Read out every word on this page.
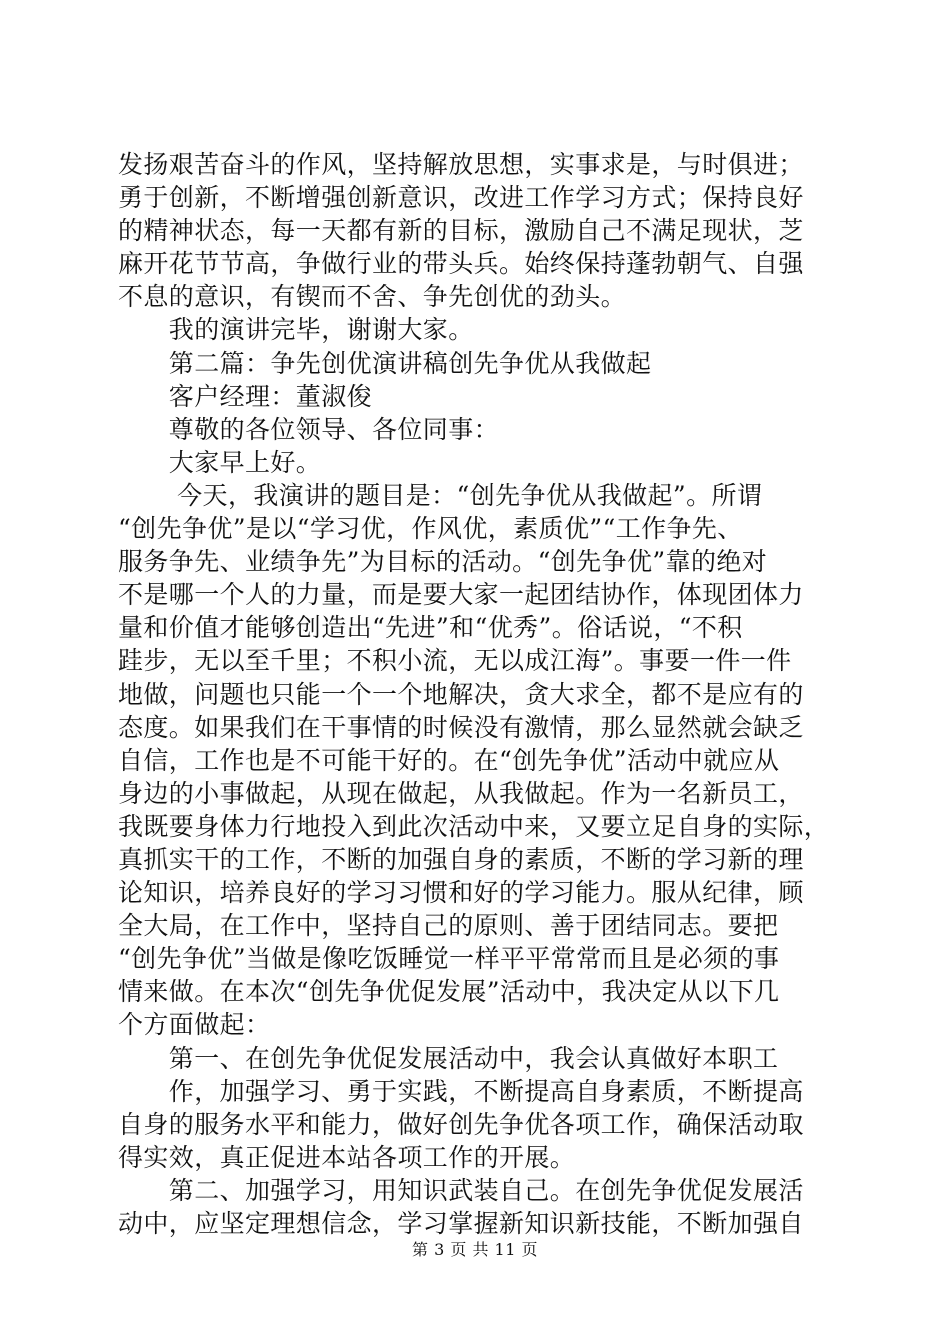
发扬艰苦奋斗的作风，坚持解放思想，实事求是，与时俱进；
勇于创新，不断增强创新意识，改进工作学习方式；保持良好
的精神状态，每一天都有新的目标，激励自己不满足现状，芝
麻开花节节高，争做行业的带头兵。始终保持蓬勃朝气、自强
不息的意识，有锲而不舍、争先创优的劲头。
　　我的演讲完毕，谢谢大家。
　　第二篇：争先创优演讲稿创先争优从我做起
　　客户经理：董淑俊
　　尊敬的各位领导、各位同事：
　　大家早上好。
　　 今天，我演讲的题目是：“创先争优从我做起”。所谓
“创先争优”是以“学习优，作风优，素质优”“工作争先、
服务争先、业绩争先”为目标的活动。“创先争优”靠的绝对
不是哪一个人的力量，而是要大家一起团结协作，体现团体力
量和价值才能够创造出“先进”和“优秀”。俗话说，“不积
跬步，无以至千里；不积小流，无以成江海”。事要一件一件
地做，问题也只能一个一个地解决，贪大求全，都不是应有的
态度。如果我们在干事情的时候没有激情，那么显然就会缺乏
自信，工作也是不可能干好的。在“创先争优”活动中就应从
身边的小事做起，从现在做起，从我做起。作为一名新员工，
我既要身体力行地投入到此次活动中来，又要立足自身的实际，
真抓实干的工作，不断的加强自身的素质，不断的学习新的理
论知识，培养良好的学习习惯和好的学习能力。服从纪律，顾
全大局，在工作中，坚持自己的原则、善于团结同志。要把
“创先争优”当做是像吃饭睡觉一样平平常常而且是必须的事
情来做。在本次“创先争优促发展”活动中，我决定从以下几
个方面做起：
　　第一、在创先争优促发展活动中，我会认真做好本职工
　　作，加强学习、勇于实践，不断提高自身素质，不断提高
自身的服务水平和能力，做好创先争优各项工作，确保活动取
得实效，真正促进本站各项工作的开展。
　　第二、加强学习，用知识武装自己。在创先争优促发展活
动中，应坚定理想信念，学习掌握新知识新技能，不断加强自
第 3 页 共 11 页
